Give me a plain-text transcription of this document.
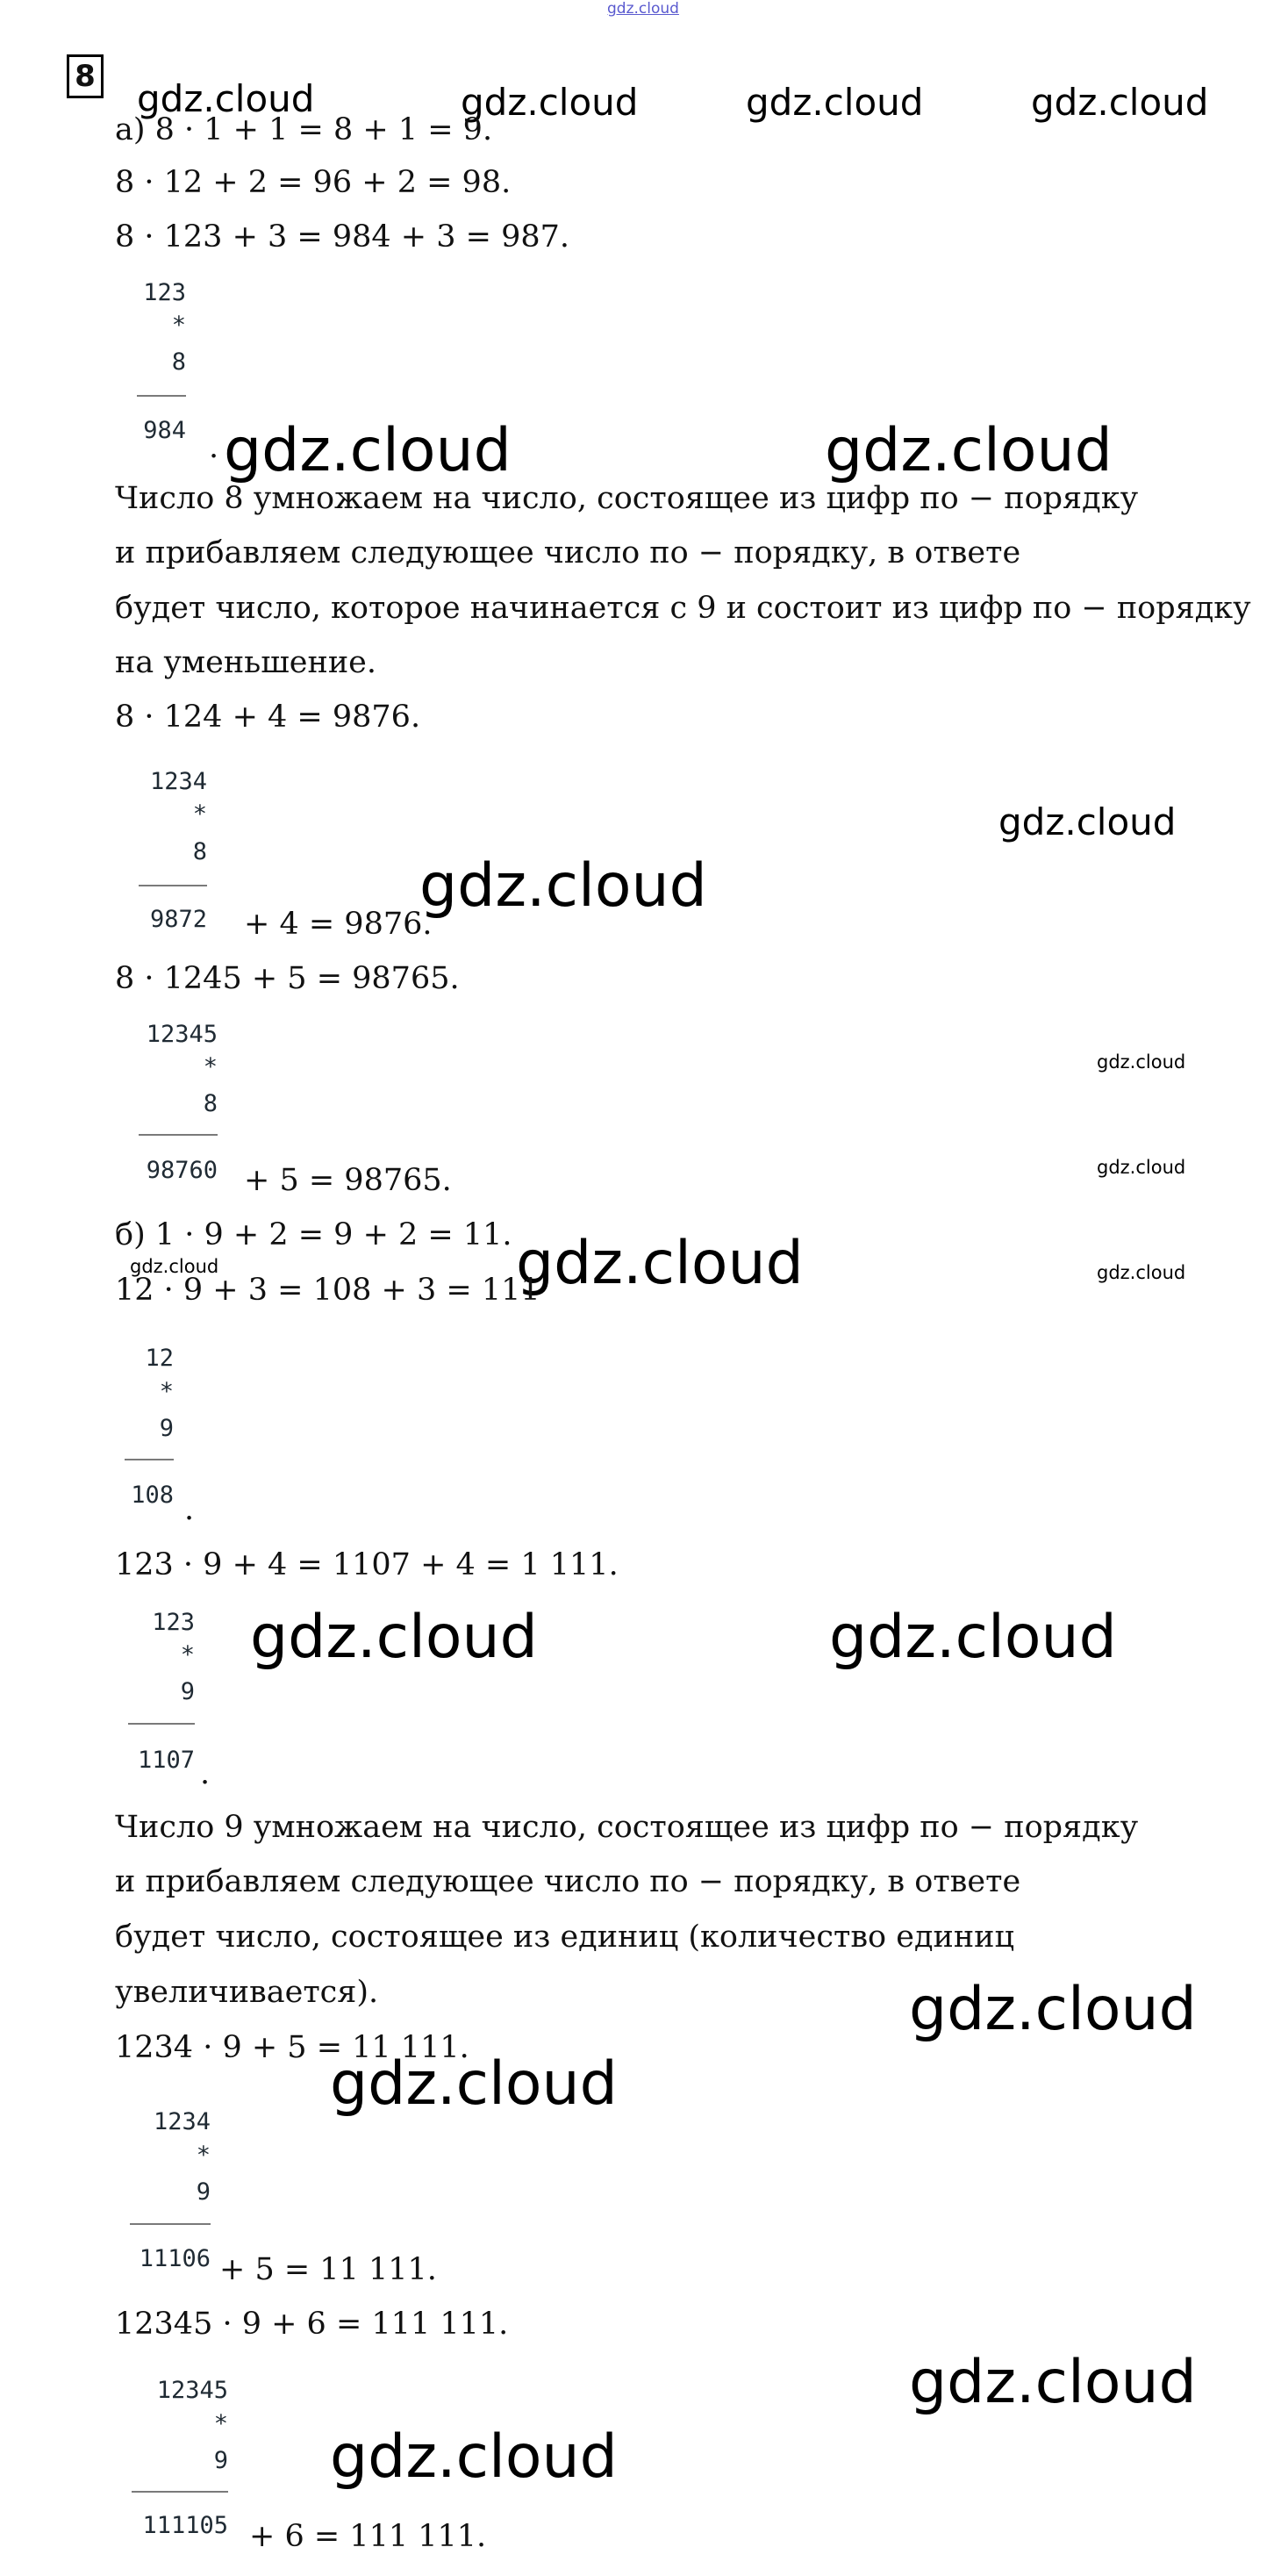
gdz.cloud
8
gdz.cloud	gdz.cloud	gdz.cloud	gdz.cloud
а) 8 · 1 + 1 = 8 + 1 = 9.
8 · 12 + 2 = 96 + 2 = 98.
8 · 123 + 3 = 984 + 3 = 987.
123
*
8
984 . gdz.cloud	gdz.cloud
Число 8 умножаем на число, состоящее из цифр по − порядку
и прибавляем следующее число по − порядку, в ответе
будет число, которое начинается с 9 и состоит из цифр по − порядку
на уменьшение.
8 · 124 + 4 = 9876.
1234
*
8
9872 + 4 = 9876.
gdz.cloud
gdz.cloud
8 · 1245 + 5 = 98765.
12345
*
8
98760 + 5 = 98765.
gdz.cloud
gdz.cloud
gdz.cloud
б) 1 · 9 + 2 = 9 + 2 = 11.
gdz.cloud	gdz.cloud
12 · 9 + 3 = 108 + 3 = 111
12
*
9
108 .
123 · 9 + 4 = 1107 + 4 = 1 111.
123
*
9
1107 .
gdz.cloud	gdz.cloud
Число 9 умножаем на число, состоящее из цифр по − порядку
и прибавляем следующее число по − порядку, в ответе
будет число, состоящее из единиц (количество единиц
увеличивается).	gdz.cloud
1234 · 9 + 5 = 11 111.
gdz.cloud
1234
*
9
11106 + 5 = 11 111.
12345 · 9 + 6 = 111 111.
gdz.cloud
12345
*
9
111105 + 6 = 111 111.
gdz.cloud
